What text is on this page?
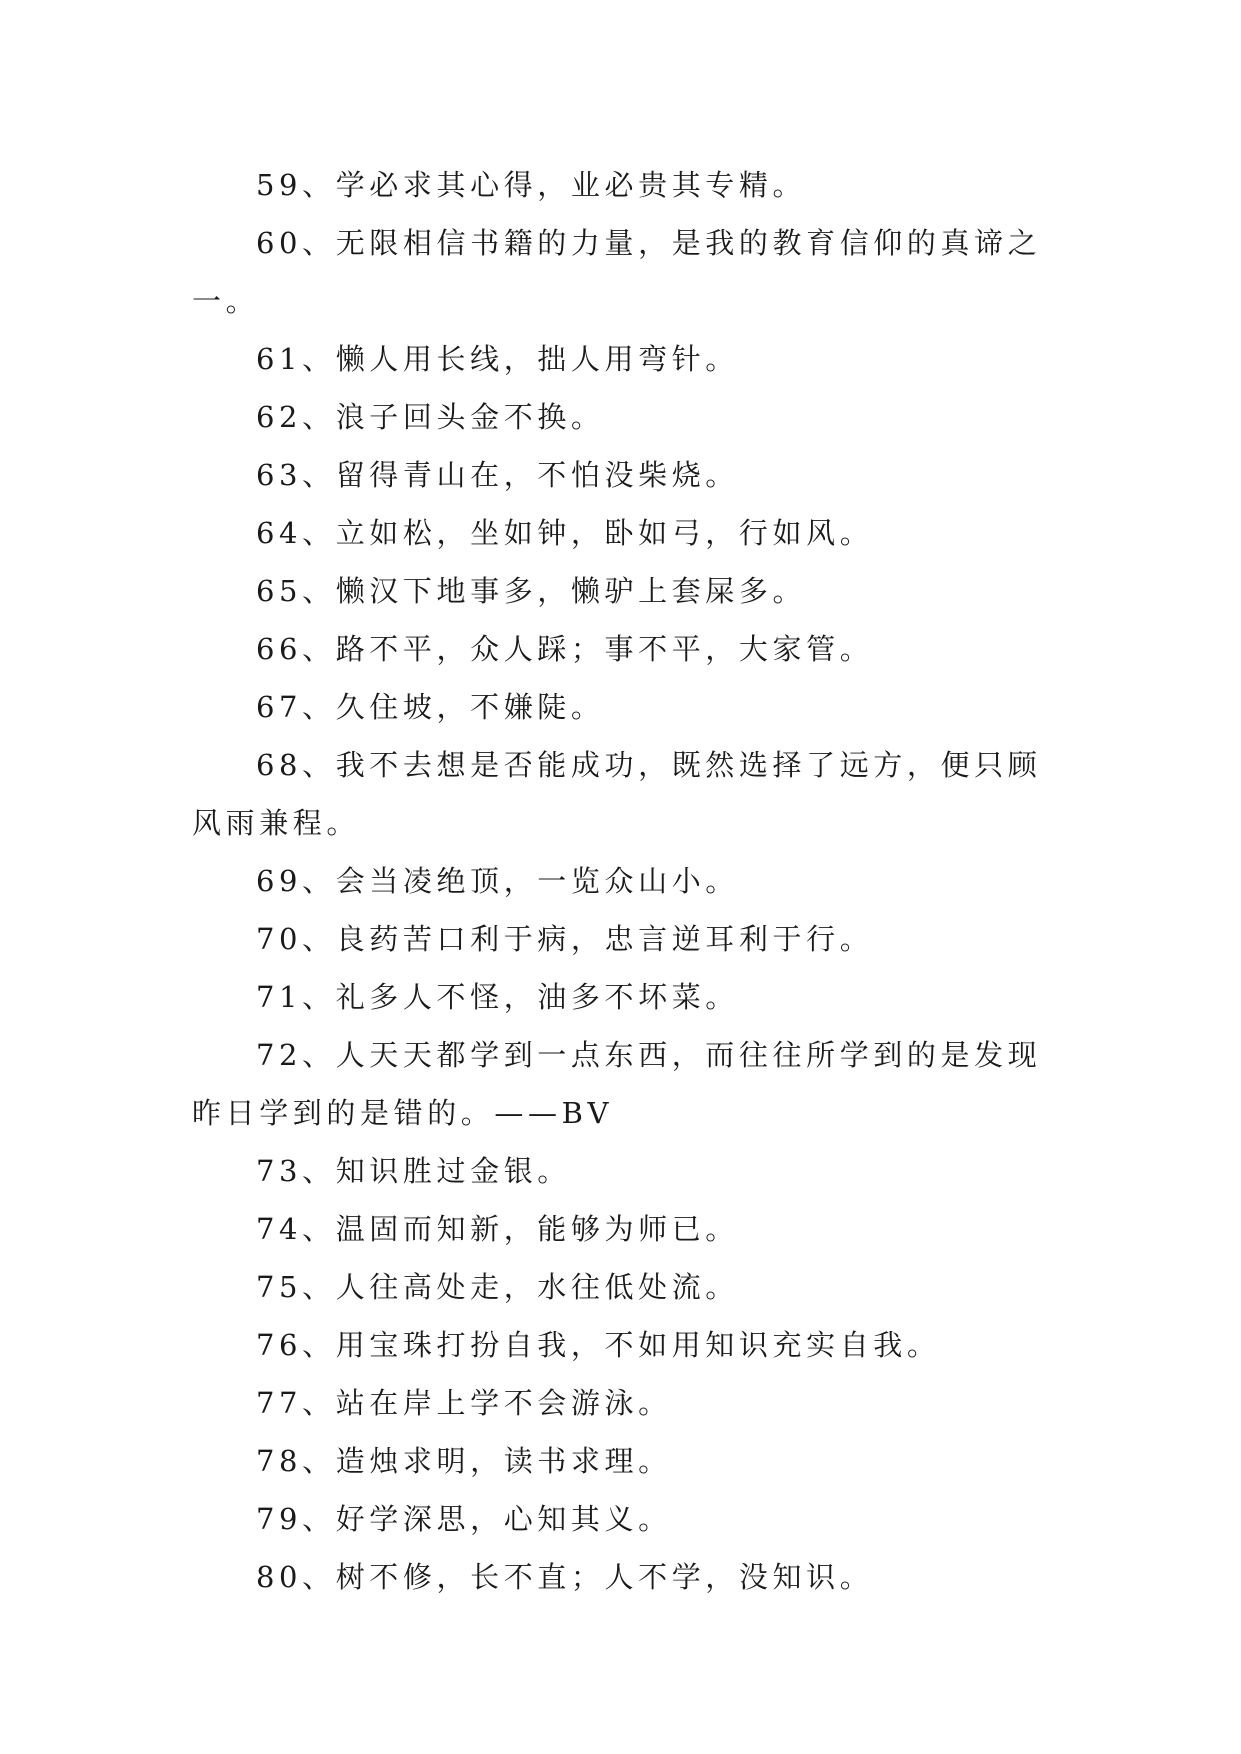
59、学必求其心得，业必贵其专精。

60、无限相信书籍的力量，是我的教育信仰的真谛之一。

61、懒人用长线，拙人用弯针。

62、浪子回头金不换。

63、留得青山在，不怕没柴烧。

64、立如松，坐如钟，卧如弓，行如风。

65、懒汉下地事多，懒驴上套屎多。

66、路不平，众人踩；事不平，大家管。

67、久住坡，不嫌陡。

68、我不去想是否能成功，既然选择了远方，便只顾风雨兼程。

69、会当凌绝顶，一览众山小。

70、良药苦口利于病，忠言逆耳利于行。

71、礼多人不怪，油多不坏菜。

72、人天天都学到一点东西，而往往所学到的是发现昨日学到的是错的。——BV

73、知识胜过金银。

74、温固而知新，能够为师已。

75、人往高处走，水往低处流。

76、用宝珠打扮自我，不如用知识充实自我。

77、站在岸上学不会游泳。

78、造烛求明，读书求理。

79、好学深思，心知其义。

80、树不修，长不直；人不学，没知识。
